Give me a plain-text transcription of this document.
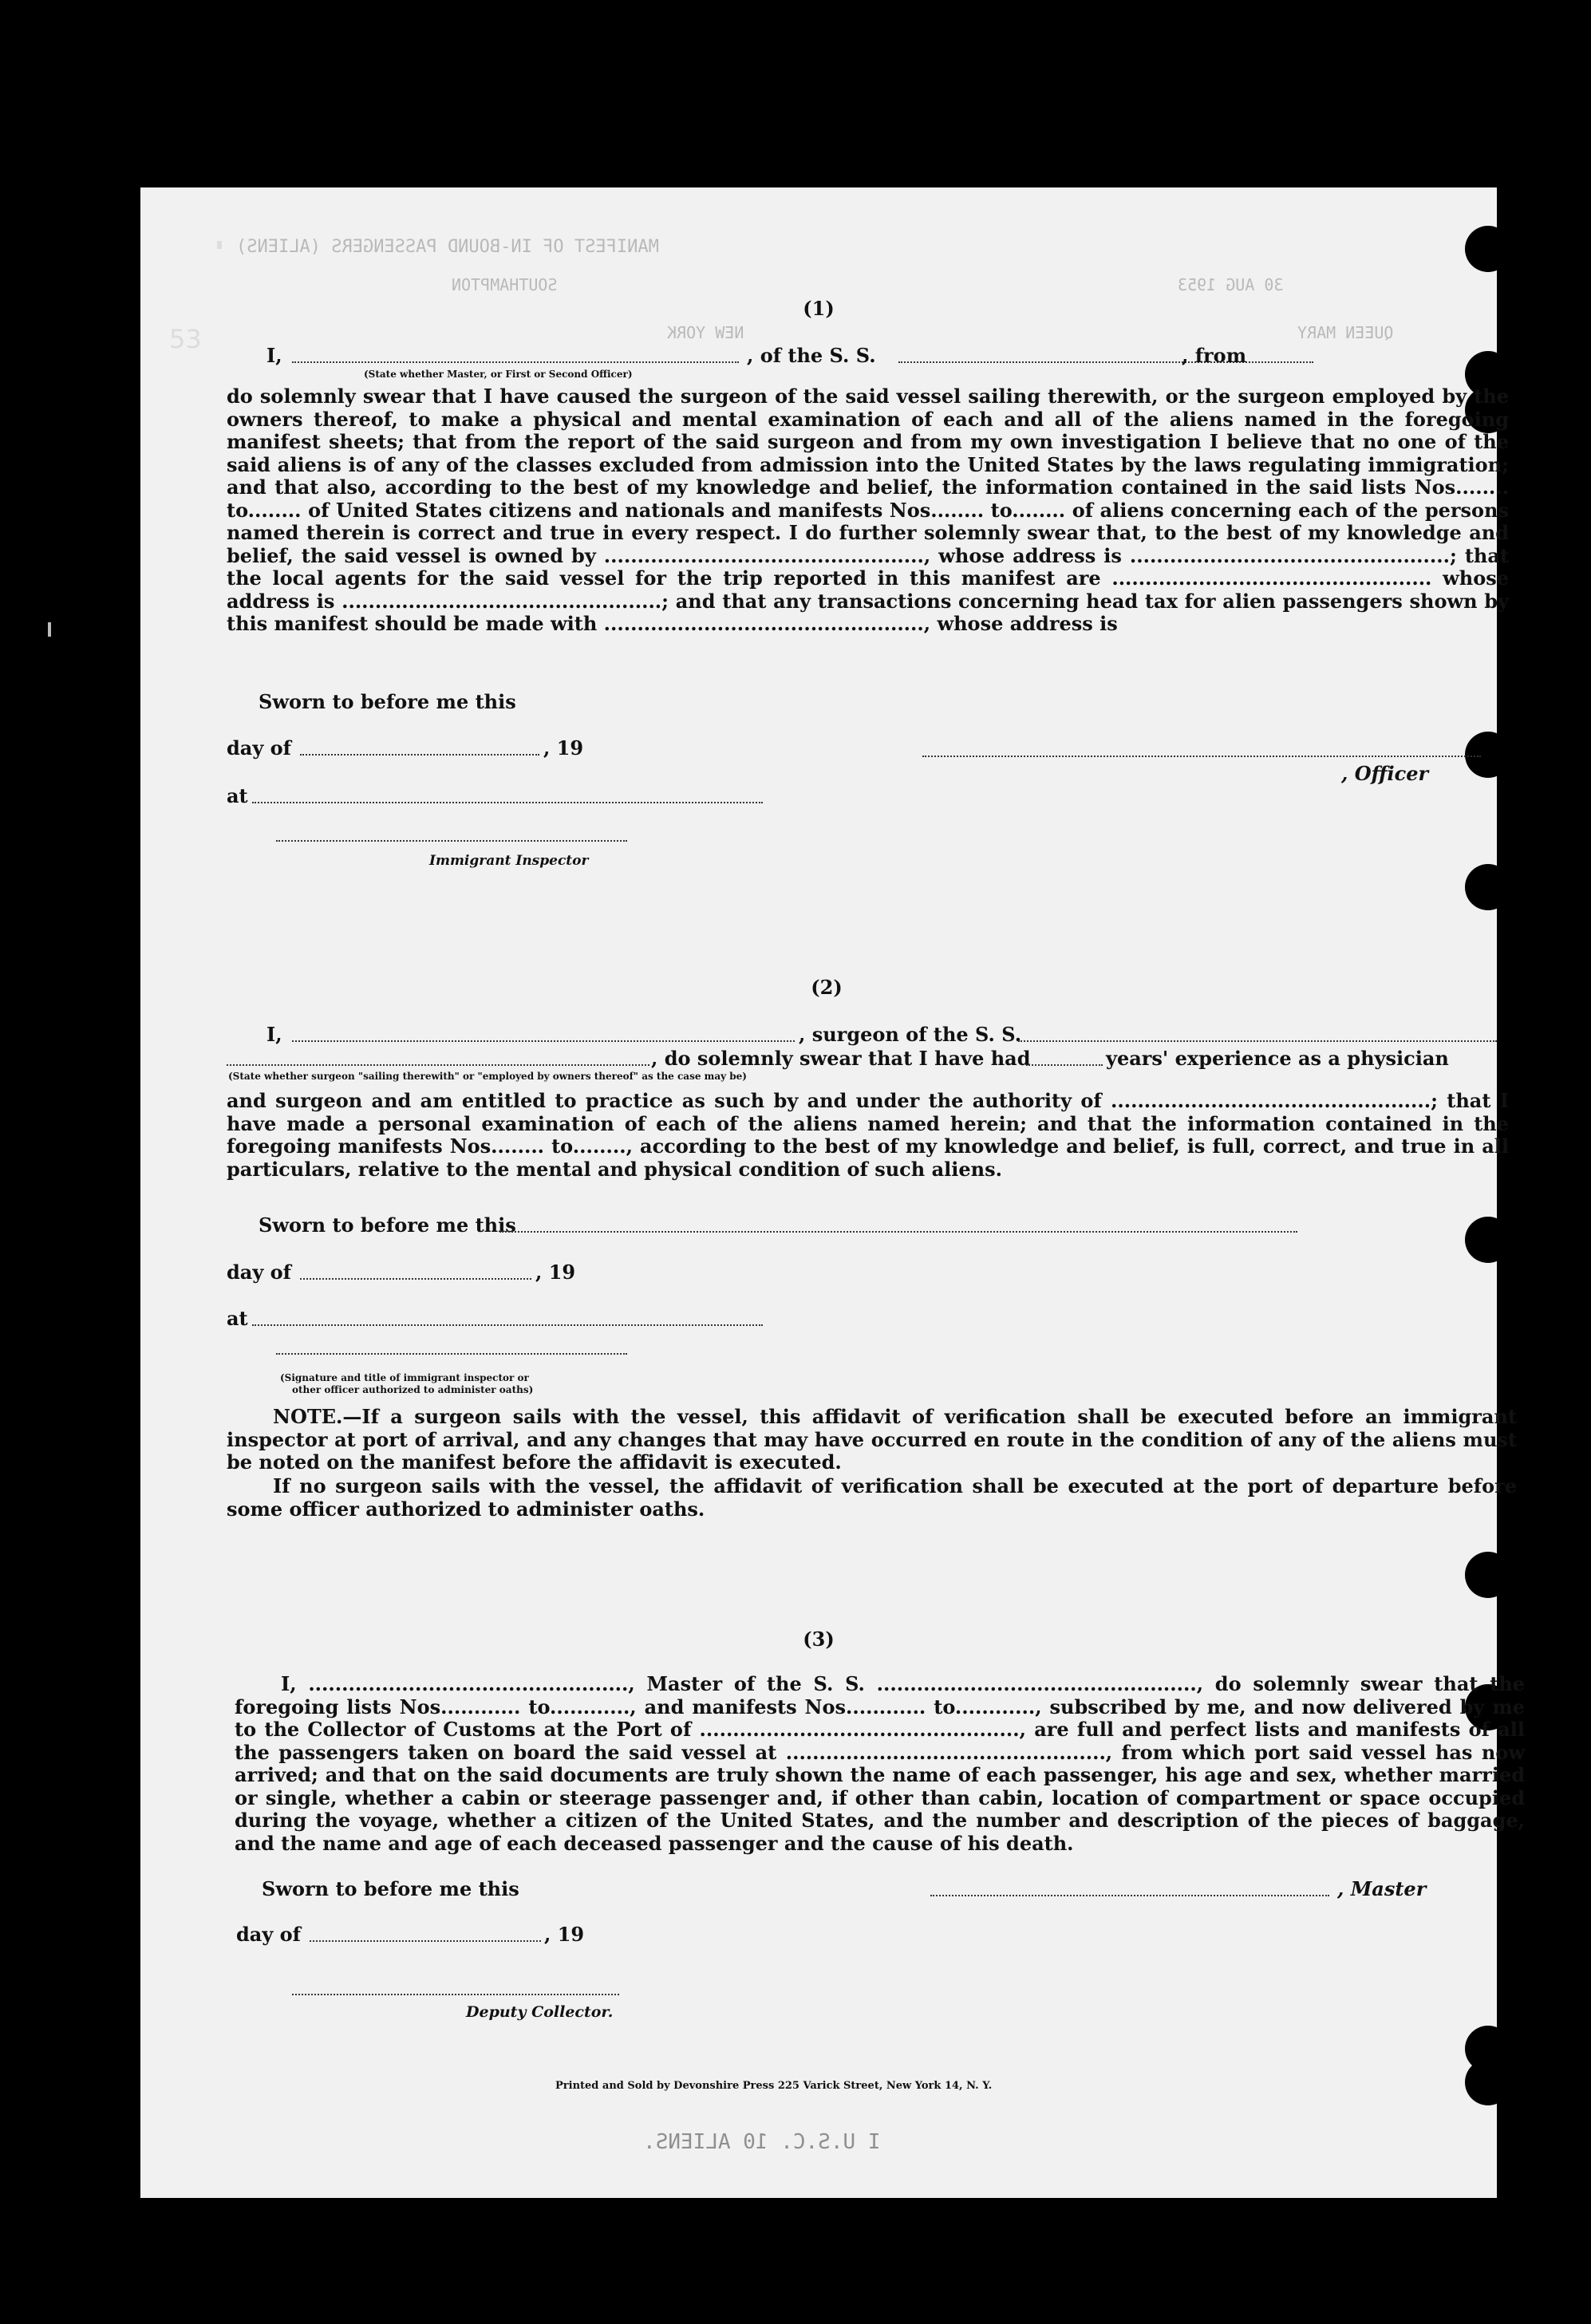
MANIFEST OF IN-BOUND PASSENGERS (ALIENS)
SOUTHAMPTON	30 AUG 1953
NEW YORK	QUEEN MARY
I U.S.C. 10 ALIENS.
(1)
I,	, of the S. S.	, from
(State whether Master, or First or Second Officer)
do solemnly swear that I have caused the surgeon of the said vessel sailing therewith, or the surgeon employed by the owners thereof, to make a physical and mental examination of each and all of the aliens named in the foregoing manifest sheets; that from the report of the said surgeon and from my own investigation I believe that no one of the said aliens is of any of the classes excluded from admission into the United States by the laws regulating immigration; and that also, according to the best of my knowledge and belief, the information contained in the said lists Nos........ to........ of United States citizens and nationals and manifests Nos........ to........ of aliens concerning each of the persons named therein is correct and true in every respect. I do further solemnly swear that, to the best of my knowledge and belief, the said vessel is owned by ................................................, whose address is ................................................; that the local agents for the said vessel for the trip reported in this manifest are ................................................ whose address is ................................................; and that any transactions concerning head tax for alien passengers shown by this manifest should be made with ................................................, whose address is
Sworn to before me this
day of	, 19
, Officer
at
Immigrant Inspector
(2)
I,	, surgeon of the S. S.
, do solemnly swear that I have had	years' experience as a physician
(State whether surgeon "sailing therewith" or "employed by owners thereof" as the case may be)
and surgeon and am entitled to practice as such by and under the authority of ................................................; that I have made a personal examination of each of the aliens named herein; and that the information contained in the foregoing manifests Nos........ to........, according to the best of my knowledge and belief, is full, correct, and true in all particulars, relative to the mental and physical condition of such aliens.
Sworn to before me this
day of	, 19
at
(Signature and title of immigrant inspector or
other officer authorized to administer oaths)
NOTE.—If a surgeon sails with the vessel, this affidavit of verification shall be executed before an immigrant inspector at port of arrival, and any changes that may have occurred en route in the condition of any of the aliens must be noted on the manifest before the affidavit is executed.
If no surgeon sails with the vessel, the affidavit of verification shall be executed at the port of departure before some officer authorized to administer oaths.
(3)
I, ................................................, Master of the S. S. ................................................, do solemnly swear that the foregoing lists Nos............ to............, and manifests Nos............ to............, subscribed by me, and now delivered by me to the Collector of Customs at the Port of ................................................, are full and perfect lists and manifests of all the passengers taken on board the said vessel at ................................................, from which port said vessel has now arrived; and that on the said documents are truly shown the name of each passenger, his age and sex, whether married or single, whether a cabin or steerage passenger and, if other than cabin, location of compartment or space occupied during the voyage, whether a citizen of the United States, and the number and description of the pieces of baggage, and the name and age of each deceased passenger and the cause of his death.
Sworn to before me this	, Master
day of	, 19
Deputy Collector.
Printed and Sold by Devonshire Press 225 Varick Street, New York 14, N. Y.
53
